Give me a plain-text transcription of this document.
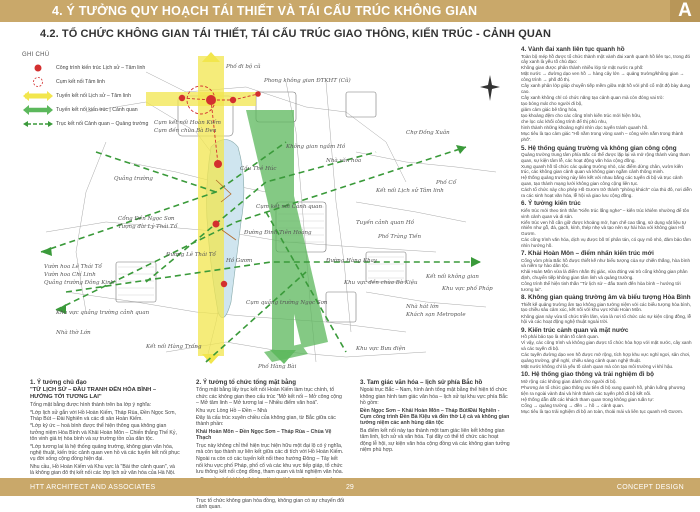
4. Ý TƯỞNG QUY HOẠCH TÁI THIẾT VÀ TÁI CẤU TRÚC KHÔNG GIAN	A
4.2. TỔ CHỨC KHÔNG GIAN TÁI THIẾT, TÁI CẤU TRÚC GIAO THÔNG, KIẾN TRÚC - CẢNH QUAN
Phố đi bộ cũ
Phong không gian ĐTKHT (Cũ)
Cụm kết nối Hoàn Kiếm
Cụm đền chùa Bà Đen
Không gian ngầm Hồ
Nhà văn hóa
Chợ Đồng Xuân
Kết nối Lịch sử Tâm linh
Phố Cổ
Quảng trường
Cụm kết nối Cảnh quan
Tuyến cảnh quan Hồ
Phố Tràng Tiền
Kết nối không gian
Khu vực phố Pháp
Nhà hát lớn
Khách sạn Metropole
Vườn hoa Lê Thái Tổ
Vườn hoa Chí Linh
Quảng trường Đông Kinh
Cổng Đền Ngọc Sơn
Tượng đài Lý Thái Tổ
Khu vực quảng trường cảnh quan
Đường Lê Thái Tổ
Đường Đinh Tiên Hoàng
Cụm quảng trường Ngọc Sơn
Đường Hàng Khay
Khu vực đền chùa Bà Kiệu
Nhà thờ Lớn
Kết nối Hàng Trống
Cầu Thê Húc
Hồ Gươm
Khu vực Bưu điện
Phố Hàng Bài
GHI CHÚ
Công trình kiến trúc Lịch sử – Tâm linh
Cụm kết nối Tâm linh
Tuyến kết nối Lịch sử – Tâm linh
Tuyến kết nối kiến trúc | Cảnh quan
Trục kết nối Cảnh quan – Quảng trường
1. Ý tưởng chủ đạo
"TỪ LỊCH SỬ – ĐẦU TRANH ĐẾN HÒA BÌNH – HƯỚNG TỚI TƯƠNG LAI"

Tổng mặt bằng được hình thành trên ba lớp ý nghĩa:

*Lớp lịch sử gắn với Hồ Hoàn Kiếm, Tháp Rùa, Đền Ngọc Sơn, Tháp Bút – Đài Nghiên và các di sản Hoàn Kiếm.

*Lớp ký ức – hoà bình được thể hiện thông qua không gian tưởng niệm Hòa Bình và Khải Hoàn Môn – Chiến thắng Thế Kỷ, tôn vinh giá trị hòa bình và sự trường tồn của dân tộc.

*Lớp tương lai là hệ thống quảng trường, không gian văn hóa, nghệ thuật, kiến trúc cảnh quan ven hồ và các tuyến kết nối phục vụ đời sống cộng đồng hiện đại.

Nhu cầu, Hồ Hoàn Kiếm và Khu vực là "Bài thơ cảnh quan", và là không gian đô thị kết nối các lớp lịch sử văn hóa của Hà Nội.

2. Ý tưởng tổ chức tổng mặt bằng

Tổng mặt bằng lấy trục kết nối Hoàn Kiếm làm trục chính, tổ chức các không gian theo cấu trúc "Mở kết nối – Mở công cộng – Mở tâm linh – Mở tương lai – Nhiều điểm văn hoá".

Khu vực Lòng Hồ – Đền – Nhà

Đây là cấu trúc xuyên chiều của không gian, từ Bắc giữa các thành phần:

Khải Hoàn Môn – Đền Ngọc Sơn – Tháp Rùa – Chùa Vệ Thạch

Trục này không chỉ thể hiện trục hiện hữu một đại lộ có ý nghĩa, mà còn tạo thành sự liên kết giữa các di tích với Hồ Hoàn Kiếm.

Ngoài ra còn có các tuyến kết nối theo hướng Đông – Tây kết nối khu vực phố Pháp, phố cổ và các khu vực tiếp giáp, tổ chức lưu thông kết nối cộng đồng, tham quan và trải nghiệm văn hóa.

Trục tổ chức không gian hòa đồng, không gian có sự chuyển đổi cảnh quan.

3. Tam giác văn hóa – lịch sử phía Bắc hồ

Ngoài trục Bắc – Nam, hình ảnh tổng mặt bằng thể hiện tổ chức không gian hình tam giác văn hóa – lịch sử tại khu vực phía Bắc hồ gồm:

Đền Ngọc Sơn – Khải Hoàn Môn – Tháp Bút/Đài Nghiên - Cụm công trình Đền Bà Kiệu và đền thờ Lệ cà và không gian tưởng niệm các anh hùng dân tộc

Ba điểm kết nối này tạo thành một tam giác liên kết không gian tâm linh, lịch sử và văn hóa. Tại đây có thể tổ chức các hoạt động lễ hội, sự kiện văn hóa cộng đồng và các không gian tưởng niệm phù hợp.

4. Vành đai xanh liên tục quanh hồ

Toàn bộ mép hồ được tổ chức thành một vành đai xanh quanh hồ liên tục, trong đó cây xanh là yếu tố chủ đạo:

Không gian được phân thành nhiều lớp từ mặt nước ra phố:

Mặt nước → đường dạo ven hồ → hàng cây lớn → quảng trường/không gian → công trình → phố đô thị.

Cây xanh phân lớp giúp chuyển tiếp mềm giữa mặt hồ với phố cổ một độ bày dung cao.

Cây xanh không chỉ có chức năng tạo cảnh quan mà còn đóng vai trò:

tạo bóng mát cho người đi bộ,

giảm cảm giác bê tông hóa,

tạo khoảng đệm cho các công trình kiến trúc mới hiện hữu,

che lọc các khối công trình để thị phù nhu,

hình thành những khoảng nghỉ nhìn dọc tuyến tránh quanh hồ.

Mục tiêu là tạo cảm giác "Hồ nằm trong vòng xanh – công viên nằm trong thành phố".

5. Hệ thống quảng trường và không gian công cộng

Quảng trường trung tâm phía Bắc có thể được lặp lại và mở rộng thành vùng tham quan, sự kiện tâm lễ, các hoạt động văn hóa cộng đồng.

Xung quanh hồ tổ chức các quảng trường nhỏ, các điểm dừng chân, vườn kiến trúc, các không gian cảnh quan và không gian ngắm cảnh thông minh.

Hệ thống quảng trường này liên kết với nhau bằng các tuyến đi bộ và trục cảnh quan, tạo thành mạng lưới không gian công cộng liên tục.

Cách tổ chức này cho phép Hồ Gươm trở thành "phòng khách" của thủ đô, nơi diễn ra các sinh hoạt văn hóa, lễ hội và giao lưu cộng đồng.

6. Ý tưởng kiến trúc

Kiến trúc mới theo tinh thần "Kiến trúc lắng nghe" – kiến trúc khiêm nhường để tôn vinh cảnh quan và di sản.

Kiến trúc ven hồ cần giữ được khoảng mở, hạn chế cao tầng, sử dụng vật liệu tự nhiên như gỗ, đá, gạch, kính, thép nhẹ và tạo nên sự hài hòa với không gian Hồ Gươm.

Các công trình văn hóa, dịch vụ được bố trí phân tán, có quy mô nhỏ, đảm bảo tầm nhìn hướng hồ.

7. Khải Hoàn Môn – điểm nhấn kiến trúc mới

Cổng vòm phía Bắc hồ được thiết kế như biểu tượng của sự chiến thắng, hòa bình và niềm tự hào dân tộc.

Khải Hoàn Môn vừa là điểm nhấn thị giác, vừa đóng vai trò cổng không gian phân định, chuyển tiếp không gian tâm linh và quảng trường.

Công trình thể hiện tinh thần "Từ lịch sử – đấu tranh đến hòa bình – hướng tới tương lai".

8. Không gian quảng trường âm và biểu tượng Hòa Bình

Thiết kế quảng trường âm tạo không gian tưởng niệm với các biểu tượng hòa bình, tạo chiều sâu cảm xúc, kết nối với khu vực Khải Hoàn Môn.

Không gian này vừa tổ chức triển lãm, vừa là nơi tổ chức các sự kiện cộng đồng, lễ hội và các hoạt động nghệ thuật ngoài trời.

9. Kiến trúc cảnh quan và mặt nước

Hồ phải bảo tạo là nhân tố cảnh quan.

Vì vậy, các công trình và không gian được tổ chức hòa hợp với mặt nước, cây xanh và các tuyến đi bộ.

Các tuyến đường dạo ven hồ được mở rộng, tích hợp khu vực nghỉ ngơi, sân chơi, quảng trường, ghế nghỉ, chiếu sáng cảnh quan nghệ thuật.

Mặt nước không chỉ là yếu tố cảnh quan mà còn tạo môi trường vi khí hậu.

10. Hệ thống giao thông và trải nghiệm đi bộ

Mở rộng các không gian dành cho người đi bộ.

Phương án tổ chức giao thông ưu tiên đi bộ xung quanh hồ, phân luồng phương tiện ra ngoài vành đai và hình thành các tuyến phố đi bộ kết nối.

Hệ thống dẫn dắt các khách tham quan trong không gian tuần tự:

Cổng → quảng trường → đền → hồ → cảnh quan.

Mục tiêu là tạo trải nghiệm đi bộ an toàn, thoải mái và liên tục quanh Hồ Gươm.

HTT ARCHITECT AND ASSOCIATES	29	CONCEPT DESIGN
